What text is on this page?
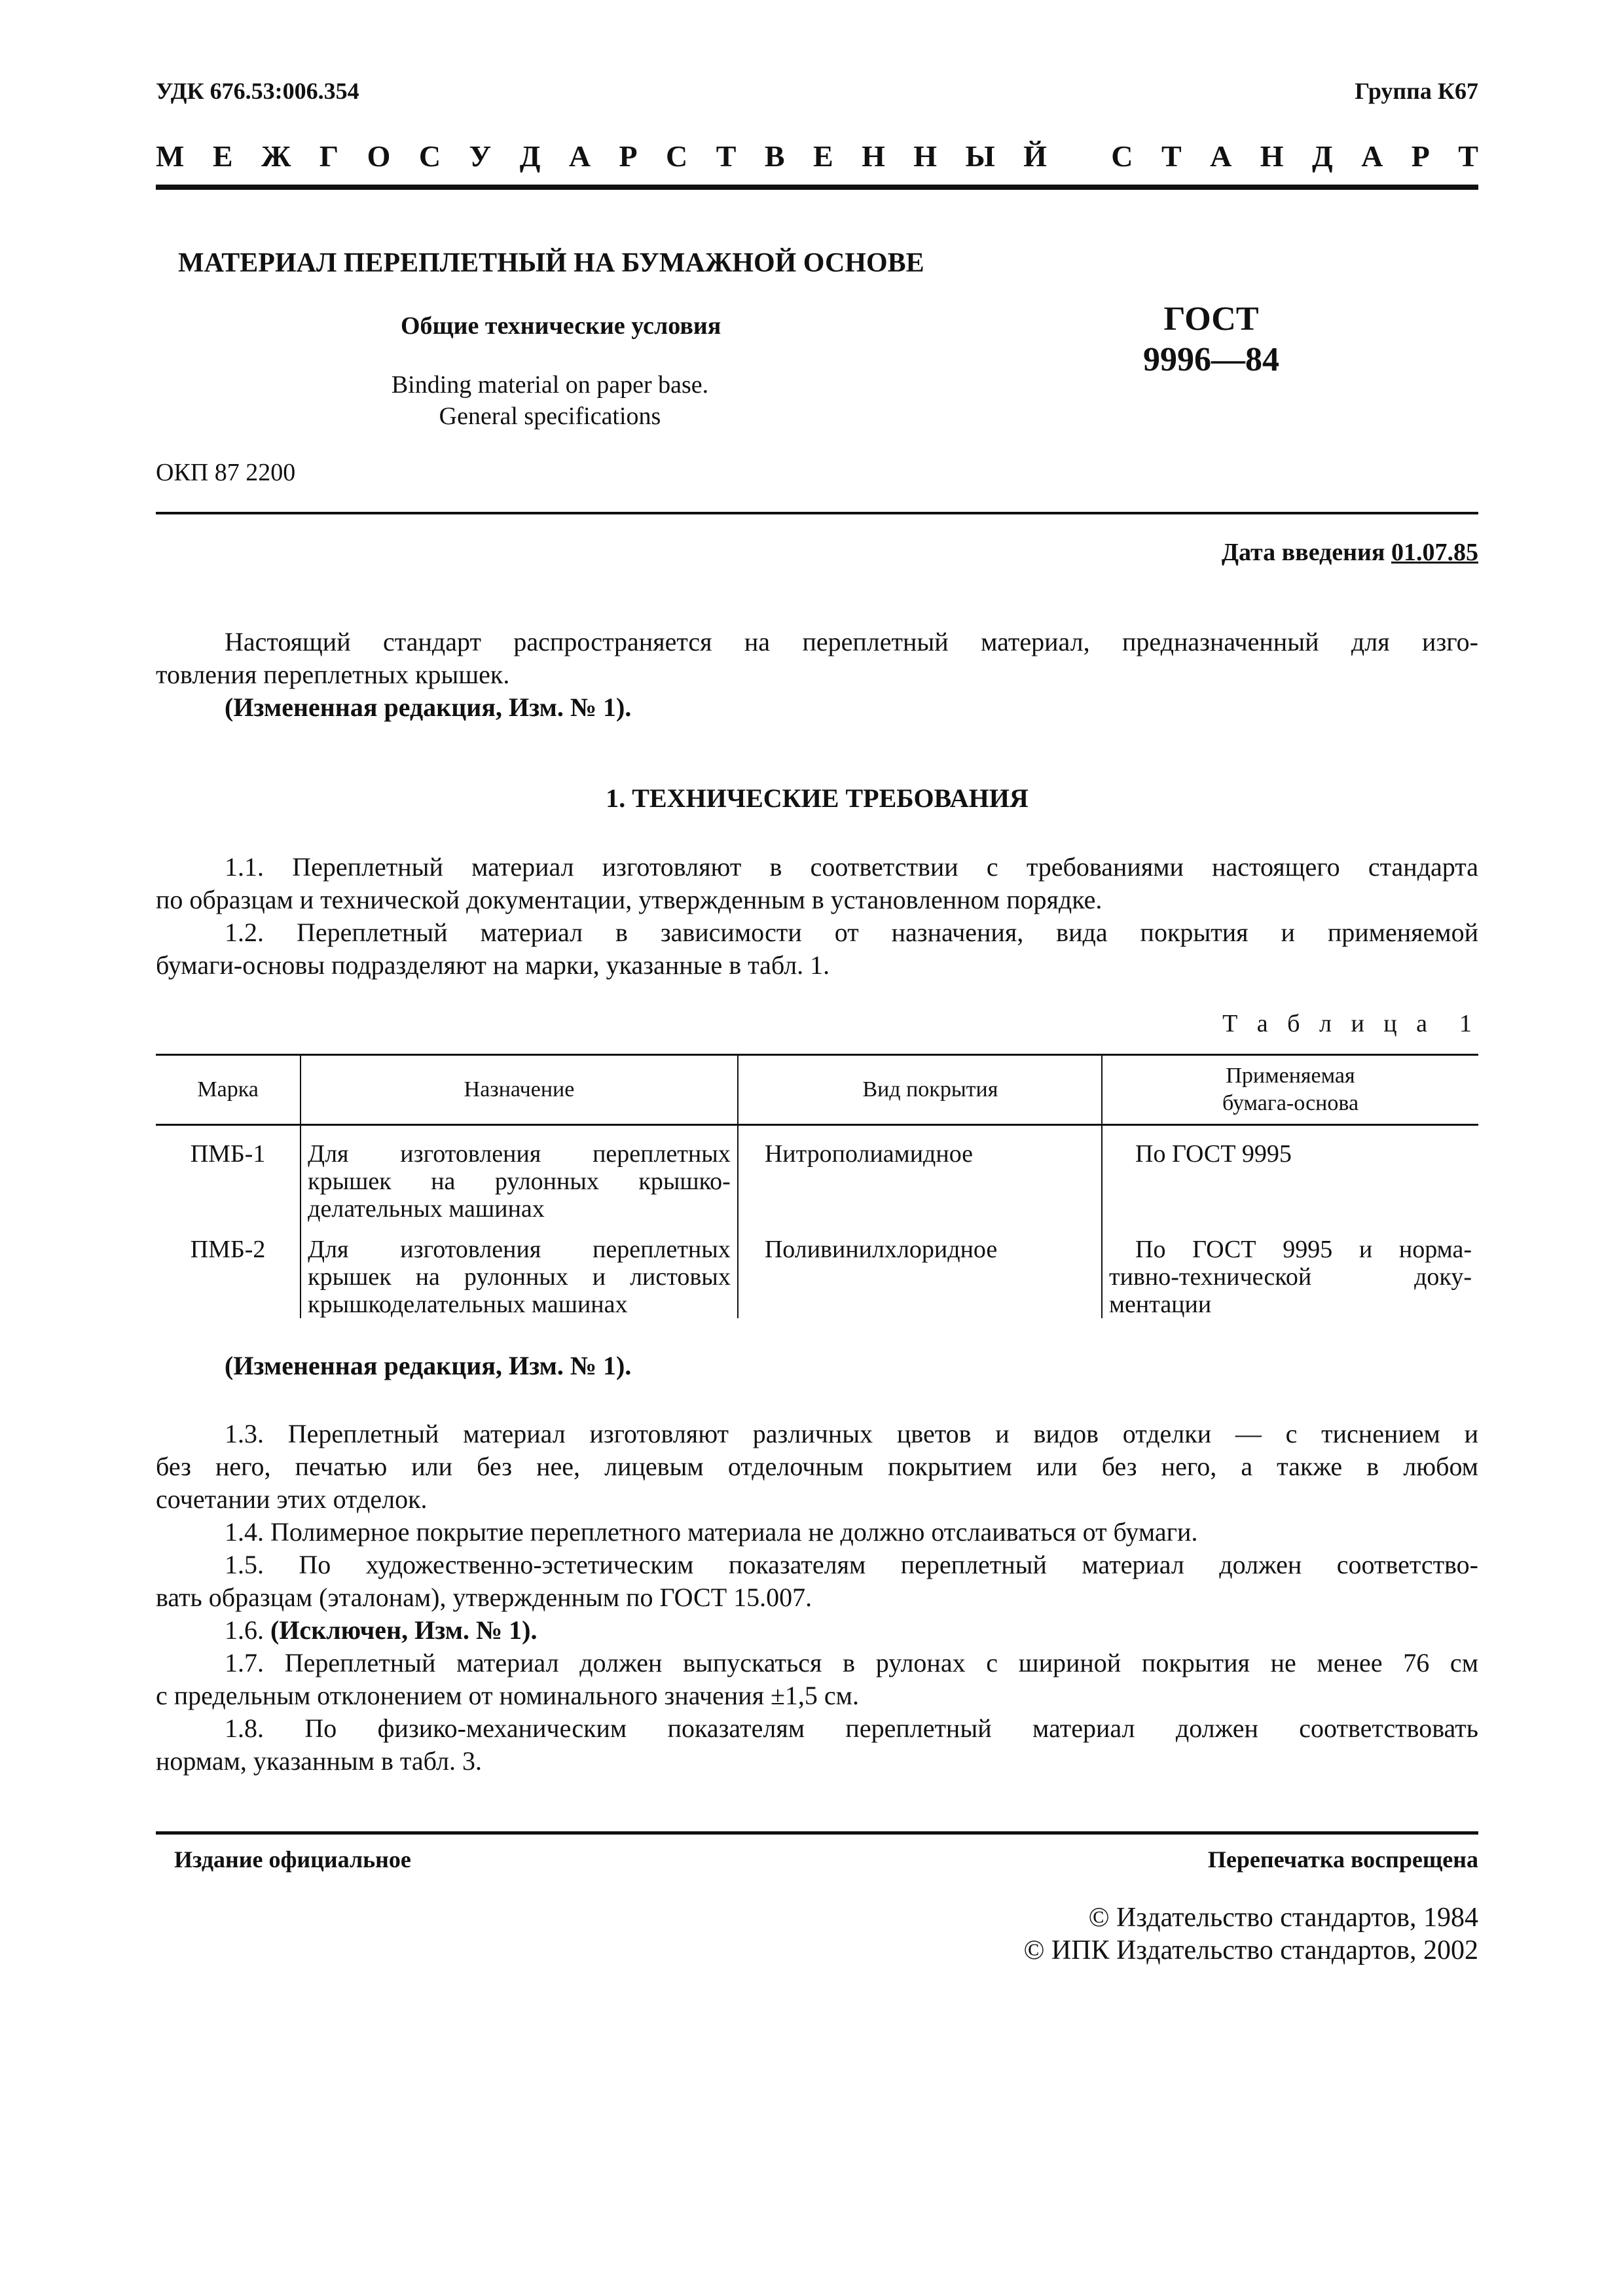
УДК 676.53:006.354	Группа К67
М Е Ж Г О С У Д А Р С Т В Е Н Н Ы Й
С Т А Н Д А Р Т
МАТЕРИАЛ ПЕРЕПЛЕТНЫЙ НА БУМАЖНОЙ ОСНОВЕ
Общие технические условия
Binding material on paper base.
General specifications
ГОСТ
9996—84
ОКП 87 2200
Дата введения 01.07.85
Настоящий стандарт распространяется на переплетный материал, предназначенный для изго-
товления переплетных крышек.
(Измененная редакция, Изм. № 1).
1. ТЕХНИЧЕСКИЕ ТРЕБОВАНИЯ
1.1. Переплетный материал изготовляют в соответствии с требованиями настоящего стандарта
по образцам и технической документации, утвержденным в установленном порядке.
1.2. Переплетный материал в зависимости от назначения, вида покрытия и применяемой
бумаги-основы подразделяют на марки, указанные в табл. 1.
Т а б л и ц а  1
Марка	Назначение	Вид покрытия	Применяемая
бумага-основа

ПМБ-1	Для изготовления переплетных
крышек на рулонных крышко-
делательных машинах	Нитрополиамидное	По ГОСТ 9995

ПМБ-2	Для изготовления переплетных
крышек на рулонных и листовых
крышкоделательных машинах	Поливинилхлоридное	По ГОСТ 9995 и норма-
тивно-технической доку-
ментации
(Измененная редакция, Изм. № 1).
1.3. Переплетный материал изготовляют различных цветов и видов отделки — с тиснением и
без него, печатью или без нее, лицевым отделочным покрытием или без него, а также в любом
сочетании этих отделок.
1.4. Полимерное покрытие переплетного материала не должно отслаиваться от бумаги.
1.5. По художественно-эстетическим показателям переплетный материал должен соответство-
вать образцам (эталонам), утвержденным по ГОСТ 15.007.
1.6. (Исключен, Изм. № 1).
1.7. Переплетный материал должен выпускаться в рулонах с шириной покрытия не менее 76 см
с предельным отклонением от номинального значения ±1,5 см.
1.8. По физико-механическим показателям переплетный материал должен соответствовать
нормам, указанным в табл. 3.
Издание официальное	Перепечатка воспрещена
© Издательство стандартов, 1984
© ИПК Издательство стандартов, 2002
